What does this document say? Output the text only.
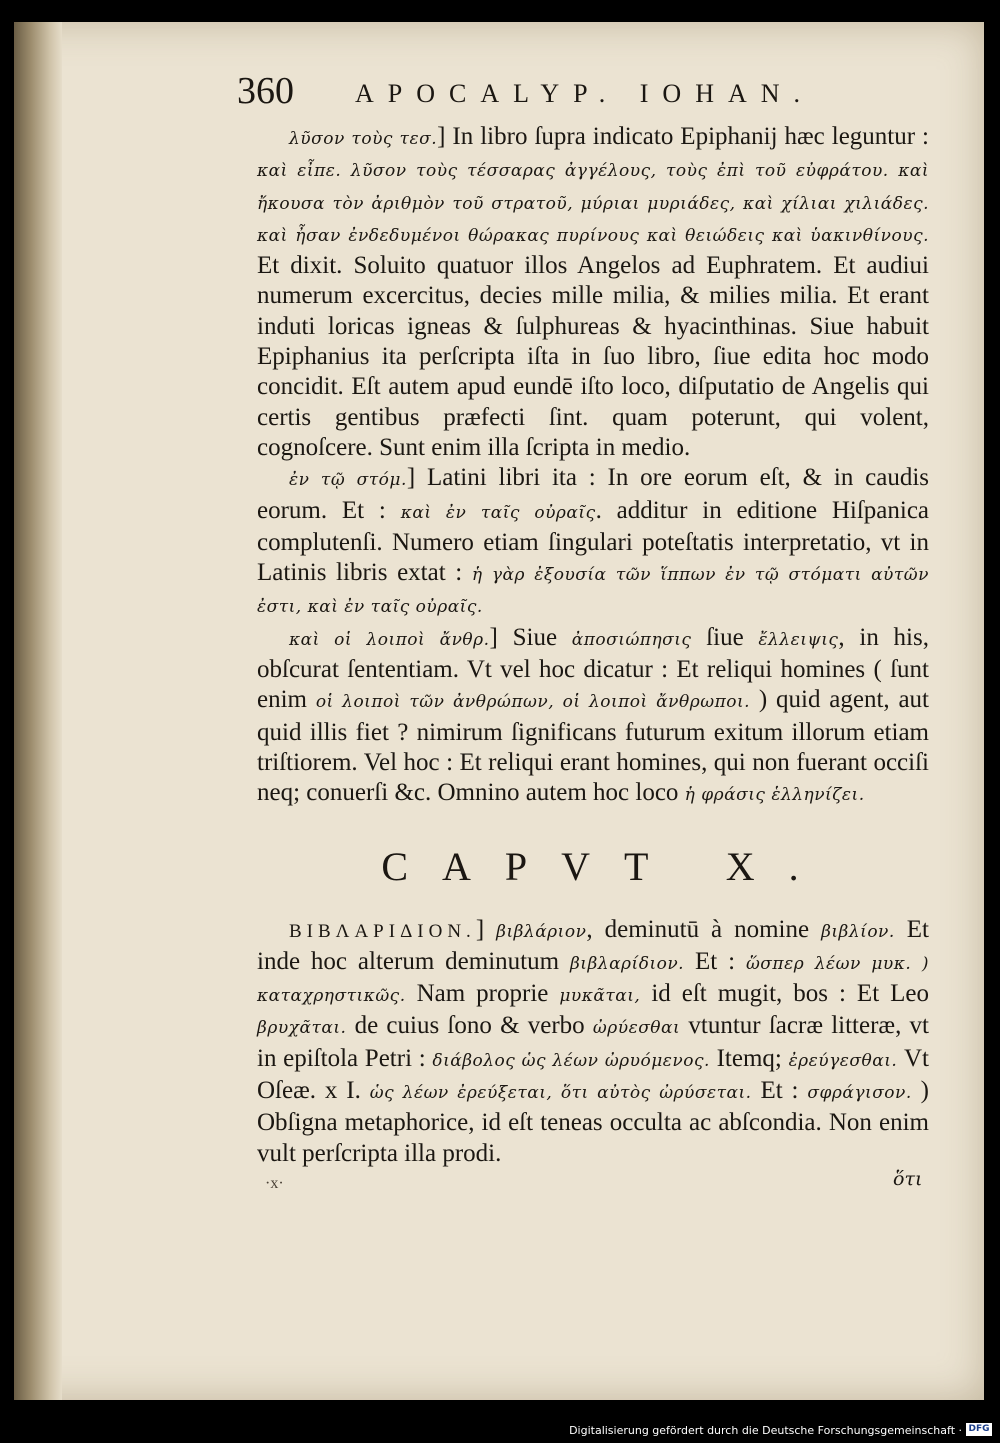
360 APOCALYP. IOHAN.

λῦσον τοὺς τεσ.] In libro ſupra indicato Epiphanij hæc leguntur : καὶ εἶπε. λῦσον τοὺς τέσσαρας ἀγγέλους, τοὺς ἐπὶ τοῦ εὐφράτου. καὶ ἤκουσα τὸν ἀριθμὸν τοῦ στρατοῦ, μύριαι μυριάδες, καὶ χίλιαι χιλιάδες. καὶ ἦσαν ἐνδεδυμένοι θώρακας πυρίνους καὶ θειώδεις καὶ ὑακινθίνους. Et dixit. Soluito quatuor illos Angelos ad Euphratem. Et audiui numerum excercitus, decies mille milia, & milies milia. Et erant induti loricas igneas & ſulphureas & hyacinthinas. Siue habuit Epiphanius ita perſcripta iſta in ſuo libro, ſiue edita hoc modo concidit. Eſt autem apud eundē iſto loco, diſputatio de Angelis qui certis gentibus præfecti ſint. quam poterunt, qui volent, cognoſcere. Sunt enim illa ſcripta in medio.

ἐν τῷ στόμ.] Latini libri ita : In ore eorum eſt, & in caudis eorum. Et : καὶ ἐν ταῖς οὐραῖς. additur in editione Hiſpanica complutenſi. Numero etiam ſingulari poteſtatis interpretatio, vt in Latinis libris extat : ἡ γὰρ ἐξουσία τῶν ἵππων ἐν τῷ στόματι αὐτῶν ἐστι, καὶ ἐν ταῖς οὐραῖς.

καὶ οἱ λοιποὶ ἄνθρ.] Siue ἀποσιώπησις ſiue ἔλλειψις, in his, obſcurat ſententiam. Vt vel hoc dicatur : Et reliqui homines ( ſunt enim οἱ λοιποὶ τῶν ἀνθρώπων, οἱ λοιποὶ ἄνθρωποι. ) quid agent, aut quid illis fiet ? nimirum ſignificans futurum exitum illorum etiam triſtiorem. Vel hoc : Et reliqui erant homines, qui non fuerant occiſi neq; conuerſi &c. Omnino autem hoc loco ἡ φράσις ἑλληνίζει.

CAPVT X.

ΒΙΒΛΑΡΙΔΙΟΝ.] βιβλάριον, deminutū à nomine βιβλίον. Et inde hoc alterum deminutum βιβλαρίδιον. Et : ὥσπερ λέων μυκ. ) καταχρηστικῶς. Nam proprie μυκᾶται, id eſt mugit, bos : Et Leo βρυχᾶται. de cuius ſono & verbo ὠρύεσθαι vtuntur ſacræ litteræ, vt in epiſtola Petri : διάβολος ὡς λέων ὠρυόμενος. Itemq; ἐρεύγεσθαι. Vt Oſeæ. x I. ὡς λέων ἐρεύξεται, ὅτι αὐτὸς ὠρύσεται. Et : σφράγισον. ) Obſigna metaphorice, id eſt teneas occulta ac abſcondia. Non enim vult perſcripta illa prodi.

·x·	ὅτι
Digitalisierung gefördert durch die Deutsche Forschungsgemeinschaft · DFG
